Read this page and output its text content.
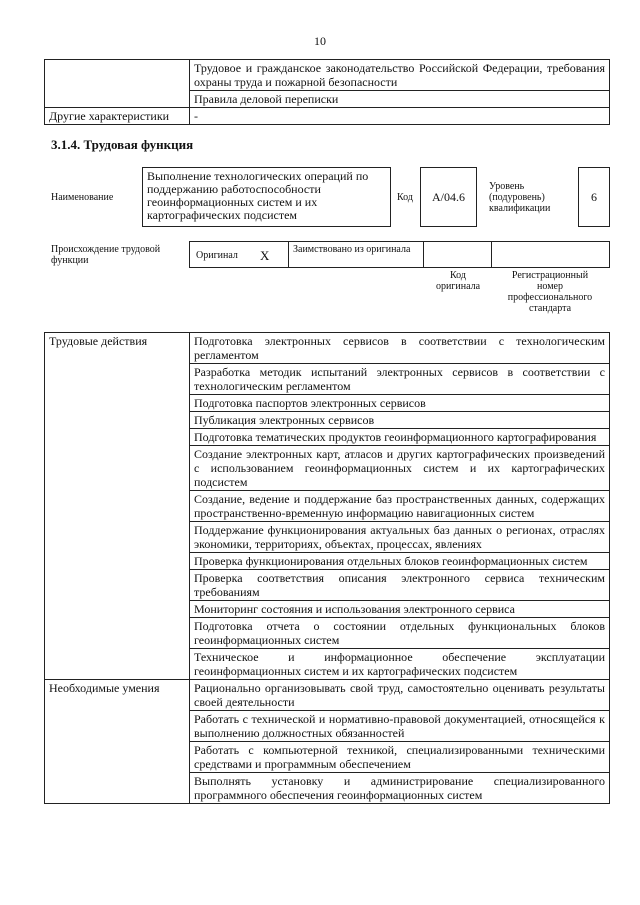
10
	Трудовое и гражданское законодательство Российской Федерации, требования охраны труда и пожарной безопасности
	Правила деловой переписки
Другие характеристики	-
3.1.4. Трудовая функция
Наименование
Выполнение технологических операций по поддержанию работоспособности геоинформационных систем и их картографических подсистем
Код	А/04.6
Уровень (подуровень) квалификации
6
Происхождение трудовой функции	Оригинал X Заимствовано из оригинала
Код оригинала
Регистрационный номер профессионального стандарта
Трудовые действия	Подготовка электронных сервисов в соответствии с технологическим регламентом
	Разработка методик испытаний электронных сервисов в соответствии с технологическим регламентом
	Подготовка паспортов электронных сервисов
	Публикация электронных сервисов
	Подготовка тематических продуктов геоинформационного картографирования
	Создание электронных карт, атласов и других картографических произведений с использованием геоинформационных систем и их картографических подсистем
	Создание, ведение и поддержание баз пространственных данных, содержащих пространственно-временную информацию навигационных систем
	Поддержание функционирования актуальных баз данных о регионах, отраслях экономики, территориях, объектах, процессах, явлениях
	Проверка функционирования отдельных блоков геоинформационных систем
	Проверка соответствия описания электронного сервиса техническим требованиям
	Мониторинг состояния и использования электронного сервиса
	Подготовка отчета о состоянии отдельных функциональных блоков геоинформационных систем
	Техническое и информационное обеспечение эксплуатации геоинформационных систем и их картографических подсистем
Необходимые умения	Рационально организовывать свой труд, самостоятельно оценивать результаты своей деятельности
	Работать с технической и нормативно-правовой документацией, относящейся к выполнению должностных обязанностей
	Работать с компьютерной техникой, специализированными техническими средствами и программным обеспечением
	Выполнять установку и администрирование специализированного программного обеспечения геоинформационных систем
